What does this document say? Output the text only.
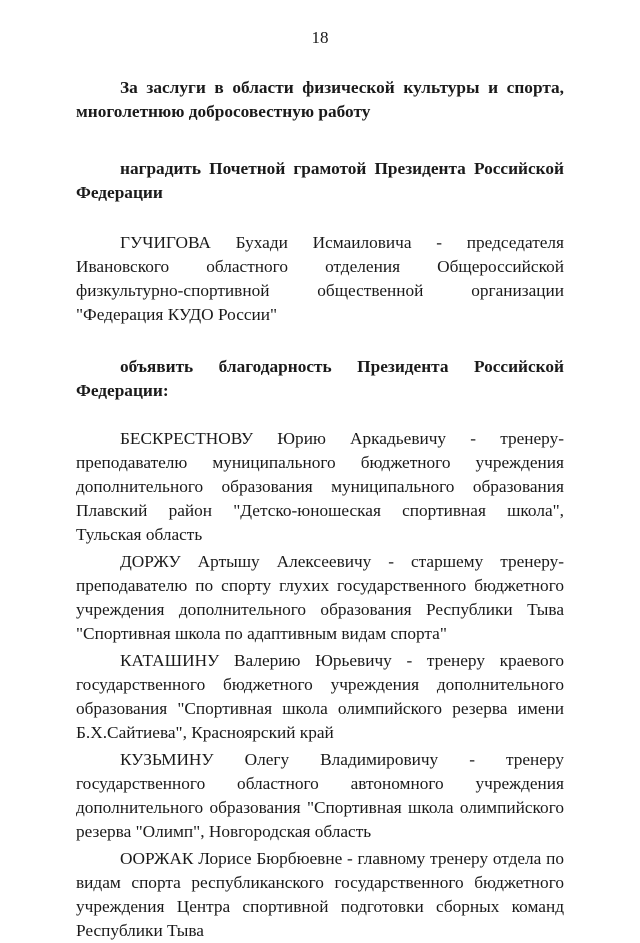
18

За заслуги в области физической культуры и спорта, многолетнюю добросовестную работу

наградить Почетной грамотой Президента Российской Федерации

ГУЧИГОВА Бухади Исмаиловича - председателя Ивановского областного отделения Общероссийской физкультурно-спортивной общественной организации "Федерация КУДО России"

объявить благодарность Президента Российской Федерации:

БЕСКРЕСТНОВУ Юрию Аркадьевичу - тренеру-преподавателю муниципального бюджетного учреждения дополнительного образования муниципального образования Плавский район "Детско-юношеская спортивная школа", Тульская область

ДОРЖУ Артышу Алексеевичу - старшему тренеру-преподавателю по спорту глухих государственного бюджетного учреждения дополнительного образования Республики Тыва "Спортивная школа по адаптивным видам спорта"

КАТАШИНУ Валерию Юрьевичу - тренеру краевого государственного бюджетного учреждения дополнительного образования "Спортивная школа олимпийского резерва имени Б.Х.Сайтиева", Красноярский край

КУЗЬМИНУ Олегу Владимировичу - тренеру государственного областного автономного учреждения дополнительного образования "Спортивная школа олимпийского резерва "Олимп", Новгородская область

ООРЖАК Лорисе Бюрбюевне - главному тренеру отдела по видам спорта республиканского государственного бюджетного учреждения Центра спортивной подготовки сборных команд Республики Тыва
